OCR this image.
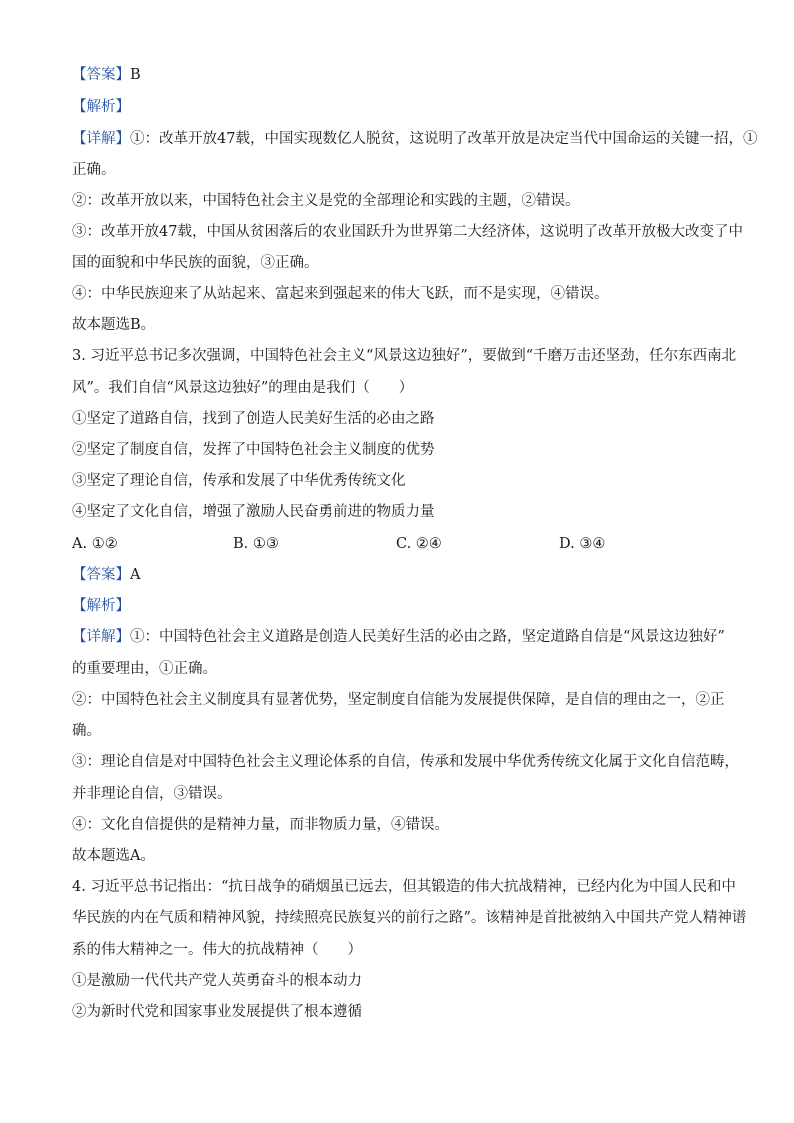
【答案】B
【解析】
【详解】①：改革开放47载，中国实现数亿人脱贫，这说明了改革开放是决定当代中国命运的关键一招，①
正确。
②：改革开放以来，中国特色社会主义是党的全部理论和实践的主题，②错误。
③：改革开放47载，中国从贫困落后的农业国跃升为世界第二大经济体，这说明了改革开放极大改变了中
国的面貌和中华民族的面貌，③正确。
④：中华民族迎来了从站起来、富起来到强起来的伟大飞跃，而不是实现，④错误。
故本题选B。
3. 习近平总书记多次强调，中国特色社会主义“风景这边独好”，要做到“千磨万击还坚劲，任尔东西南北
风”。我们自信“风景这边独好”的理由是我们（　　）
①坚定了道路自信，找到了创造人民美好生活的必由之路
②坚定了制度自信，发挥了中国特色社会主义制度的优势
③坚定了理论自信，传承和发展了中华优秀传统文化
④坚定了文化自信，增强了激励人民奋勇前进的物质力量
A. ①②	B. ①③	C. ②④	D. ③④
【答案】A
【解析】
【详解】①：中国特色社会主义道路是创造人民美好生活的必由之路，坚定道路自信是“风景这边独好”
的重要理由，①正确。
②：中国特色社会主义制度具有显著优势，坚定制度自信能为发展提供保障，是自信的理由之一，②正
确。
③：理论自信是对中国特色社会主义理论体系的自信，传承和发展中华优秀传统文化属于文化自信范畴，
并非理论自信，③错误。
④：文化自信提供的是精神力量，而非物质力量，④错误。
故本题选A。
4. 习近平总书记指出：“抗日战争的硝烟虽已远去，但其锻造的伟大抗战精神，已经内化为中国人民和中
华民族的内在气质和精神风貌，持续照亮民族复兴的前行之路”。该精神是首批被纳入中国共产党人精神谱
系的伟大精神之一。伟大的抗战精神（　　）
①是激励一代代共产党人英勇奋斗的根本动力
②为新时代党和国家事业发展提供了根本遵循
